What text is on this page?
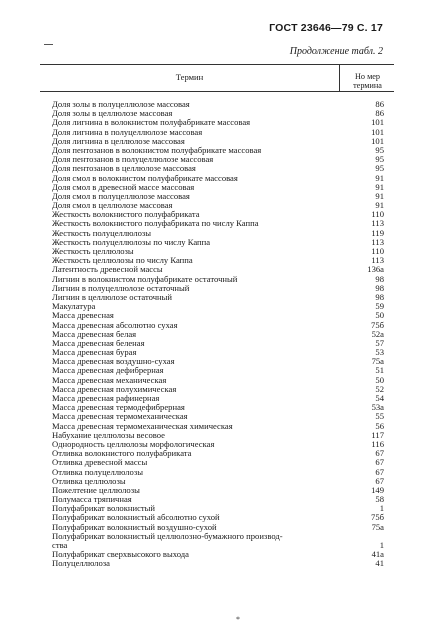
ГОСТ 23646—79 С. 17
Продолжение табл. 2
Термин	Но мер термина
Доля золы в полуцеллюлозе массовая	86
Доля золы в целлюлозе массовая	86
Доля лигнина в волокнистом полуфабрикате массовая	101
Доля лигнина в полуцеллюлозе массовая	101
Доля лигнина в целлюлозе массовая	101
Доля пентозанов в волокнистом полуфабрикате массовая	95
Доля пентозанов в полуцеллюлозе массовая	95
Доля пентозанов в целлюлозе массовая	95
Доля смол в волокнистом полуфабрикате массовая	91
Доля смол в древесной массе массовая	91
Доля смол в полуцеллюлозе массовая	91
Доля смол в целлюлозе массовая	91
Жесткость волокнистого полуфабриката	110
Жесткость волокнистого полуфабриката по числу Каппа	113
Жесткость полуцеллюлозы	119
Жесткость полуцеллюлозы по числу Каппа	113
Жесткость целлюлозы	110
Жесткость целлюлозы по числу Каппа	113
Латентность древесной массы	136а
Лигнин в волокнистом полуфабрикате остаточный	98
Лигнин в полуцеллюлозе остаточный	98
Лигнин в целлюлозе остаточный	98
Макулатура	59
Масса древесная	50
Масса древесная абсолютно сухая	75б
Масса древесная белая	52а
Масса древесная беленая	57
Масса древесная бурая	53
Масса древесная воздушно-сухая	75а
Масса древесная дефибрерная	51
Масса древесная механическая	50
Масса древесная полухимическая	52
Масса древесная рафинерная	54
Масса древесная термодефибрерная	53а
Масса древесная термомеханическая	55
Масса древесная термомеханическая химическая	56
Набухание целлюлозы весовое	117
Однородность целлюлозы морфологическая	116
Отливка волокнистого полуфабриката	67
Отливка древесной массы	67
Отливка полуцеллюлозы	67
Отливка целлюлозы	67
Пожелтение целлюлозы	149
Полумасса тряпичная	58
Полуфабрикат волокнистый	1
Полуфабрикат волокнистый абсолютно сухой	75б
Полуфабрикат волокнистый воздушно-сухой	75а
Полуфабрикат волокнистый целлюлозно-бумажного производ-
ства	1
Полуфабрикат сверхвысокого выхода	41а
Полуцеллюлоза	41
*
